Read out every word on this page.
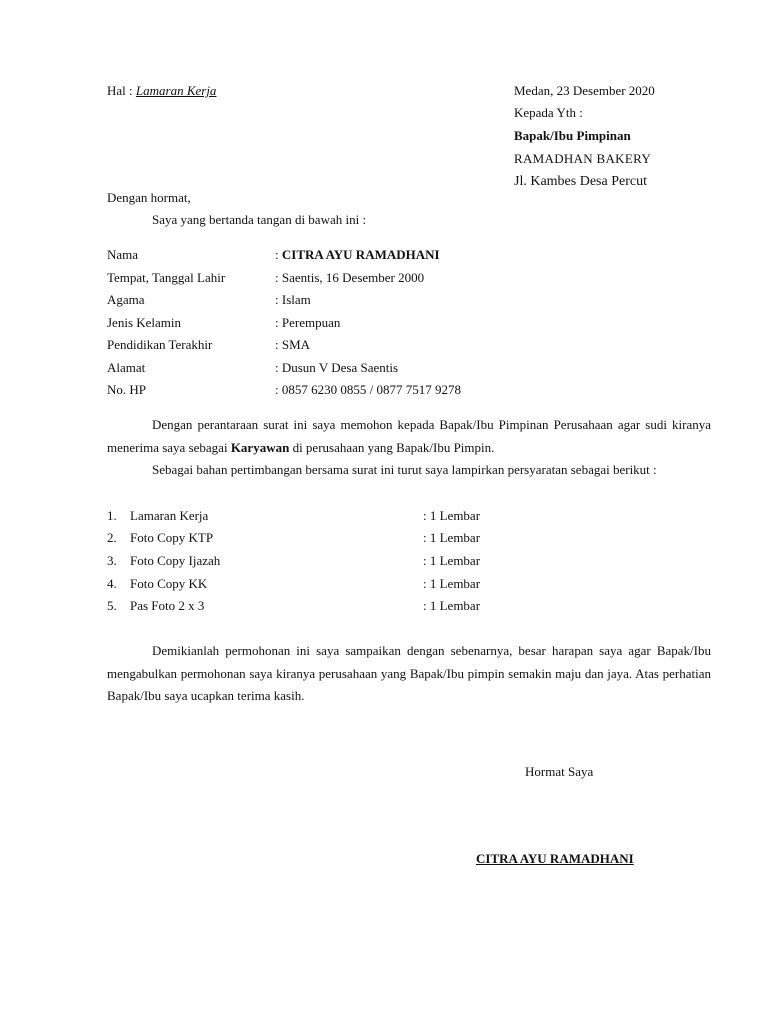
Hal : Lamaran Kerja	Medan, 23 Desember 2020
Kepada Yth :
Bapak/Ibu Pimpinan
RAMADHAN BAKERY
Jl. Kambes Desa Percut
Dengan hormat,
Saya yang bertanda tangan di bawah ini :
Nama	: CITRA AYU RAMADHANI
Tempat, Tanggal Lahir	: Saentis, 16 Desember 2000
Agama	: Islam
Jenis Kelamin	: Perempuan
Pendidikan Terakhir	: SMA
Alamat	: Dusun V Desa Saentis
No. HP	: 0857 6230 0855 / 0877 7517 9278
Dengan perantaraan surat ini saya memohon kepada Bapak/Ibu Pimpinan Perusahaan agar sudi kiranya menerima saya sebagai Karyawan di perusahaan yang Bapak/Ibu Pimpin.
Sebagai bahan pertimbangan bersama surat ini turut saya lampirkan persyaratan sebagai berikut :
1. Lamaran Kerja	: 1 Lembar
2. Foto Copy KTP	: 1 Lembar
3. Foto Copy Ijazah	: 1 Lembar
4. Foto Copy KK	: 1 Lembar
5. Pas Foto 2 x 3	: 1 Lembar
Demikianlah permohonan ini saya sampaikan dengan sebenarnya, besar harapan saya agar Bapak/Ibu mengabulkan permohonan saya kiranya perusahaan yang Bapak/Ibu pimpin semakin maju dan jaya. Atas perhatian Bapak/Ibu saya ucapkan terima kasih.
Hormat Saya
CITRA AYU RAMADHANI
